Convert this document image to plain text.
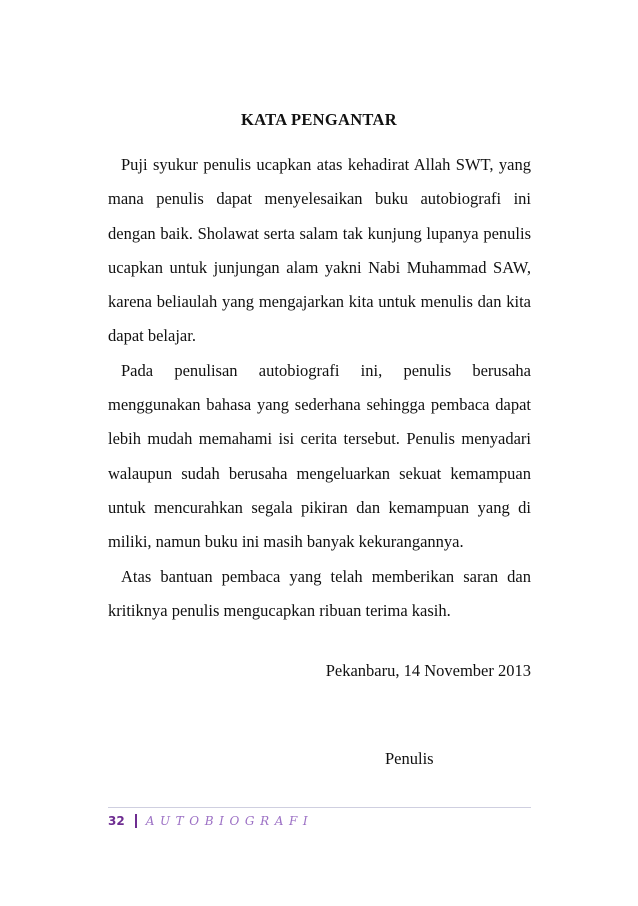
KATA PENGANTAR

Puji syukur penulis ucapkan atas kehadirat Allah SWT, yang mana penulis dapat menyelesaikan buku autobiografi ini dengan baik. Sholawat serta salam tak kunjung lupanya penulis ucapkan untuk junjungan alam yakni Nabi Muhammad SAW, karena beliaulah yang mengajarkan kita untuk menulis dan kita dapat belajar.

Pada penulisan autobiografi ini, penulis berusaha menggunakan bahasa yang sederhana sehingga pembaca dapat lebih mudah memahami isi cerita tersebut. Penulis menyadari walaupun sudah berusaha mengeluarkan sekuat kemampuan untuk mencurahkan segala pikiran dan kemampuan yang di miliki, namun buku ini masih banyak kekurangannya.

Atas bantuan pembaca yang telah memberikan saran dan kritiknya penulis mengucapkan ribuan terima kasih.

Pekanbaru, 14 November 2013
Penulis
32 AUTOBIOGRAFI
